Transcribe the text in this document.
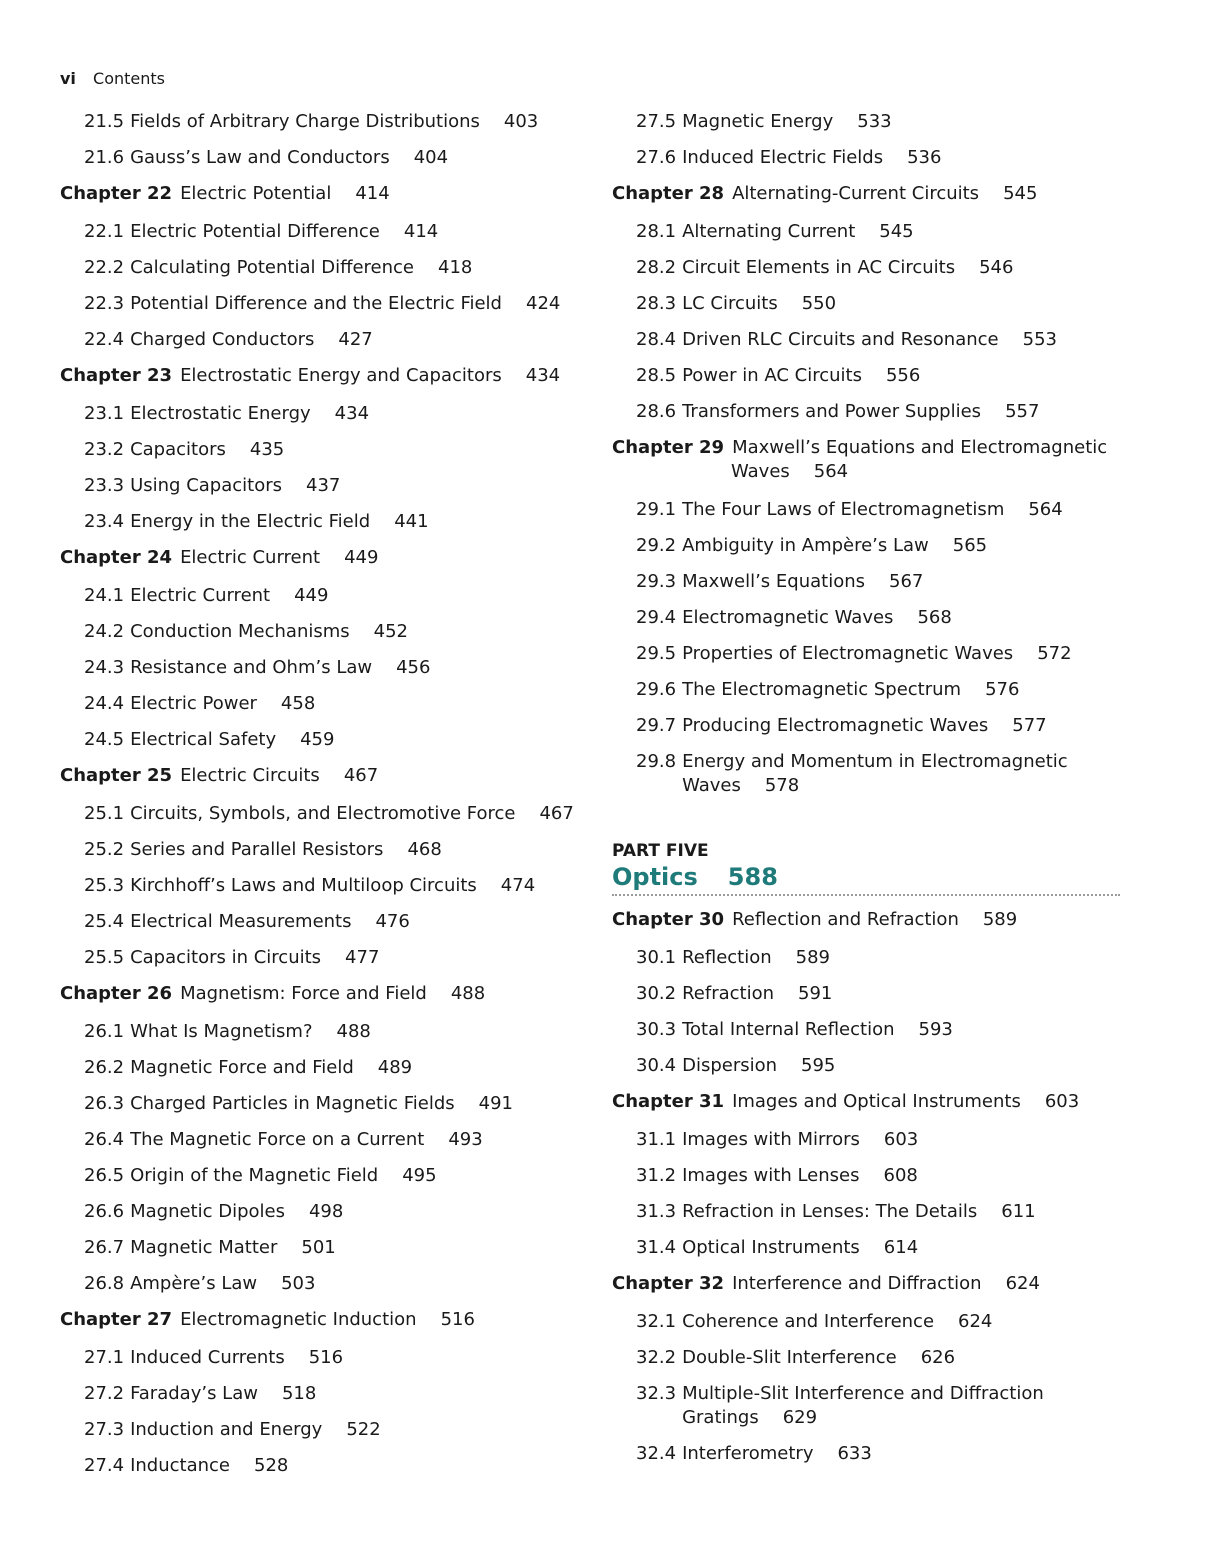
vi Contents
21.5 Fields of Arbitrary Charge Distributions 403
21.6 Gauss’s Law and Conductors 404
Chapter 22 Electric Potential 414
22.1 Electric Potential Difference 414
22.2 Calculating Potential Difference 418
22.3 Potential Difference and the Electric Field 424
22.4 Charged Conductors 427
Chapter 23 Electrostatic Energy and Capacitors 434
23.1 Electrostatic Energy 434
23.2 Capacitors 435
23.3 Using Capacitors 437
23.4 Energy in the Electric Field 441
Chapter 24 Electric Current 449
24.1 Electric Current 449
24.2 Conduction Mechanisms 452
24.3 Resistance and Ohm’s Law 456
24.4 Electric Power 458
24.5 Electrical Safety 459
Chapter 25 Electric Circuits 467
25.1 Circuits, Symbols, and Electromotive Force 467
25.2 Series and Parallel Resistors 468
25.3 Kirchhoff’s Laws and Multiloop Circuits 474
25.4 Electrical Measurements 476
25.5 Capacitors in Circuits 477
Chapter 26 Magnetism: Force and Field 488
26.1 What Is Magnetism? 488
26.2 Magnetic Force and Field 489
26.3 Charged Particles in Magnetic Fields 491
26.4 The Magnetic Force on a Current 493
26.5 Origin of the Magnetic Field 495
26.6 Magnetic Dipoles 498
26.7 Magnetic Matter 501
26.8 Ampère’s Law 503
Chapter 27 Electromagnetic Induction 516
27.1 Induced Currents 516
27.2 Faraday’s Law 518
27.3 Induction and Energy 522
27.4 Inductance 528
27.5 Magnetic Energy 533
27.6 Induced Electric Fields 536
Chapter 28 Alternating-Current Circuits 545
28.1 Alternating Current 545
28.2 Circuit Elements in AC Circuits 546
28.3 LC Circuits 550
28.4 Driven RLC Circuits and Resonance 553
28.5 Power in AC Circuits 556
28.6 Transformers and Power Supplies 557
Chapter 29 Maxwell’s Equations and Electromagnetic
Waves 564
29.1 The Four Laws of Electromagnetism 564
29.2 Ambiguity in Ampère’s Law 565
29.3 Maxwell’s Equations 567
29.4 Electromagnetic Waves 568
29.5 Properties of Electromagnetic Waves 572
29.6 The Electromagnetic Spectrum 576
29.7 Producing Electromagnetic Waves 577
29.8 Energy and Momentum in Electromagnetic Waves 578
PART FIVE
Optics 588
Chapter 30 Reflection and Refraction 589
30.1 Reflection 589
30.2 Refraction 591
30.3 Total Internal Reflection 593
30.4 Dispersion 595
Chapter 31 Images and Optical Instruments 603
31.1 Images with Mirrors 603
31.2 Images with Lenses 608
31.3 Refraction in Lenses: The Details 611
31.4 Optical Instruments 614
Chapter 32 Interference and Diffraction 624
32.1 Coherence and Interference 624
32.2 Double-Slit Interference 626
32.3 Multiple-Slit Interference and Diffraction Gratings 629
32.4 Interferometry 633
